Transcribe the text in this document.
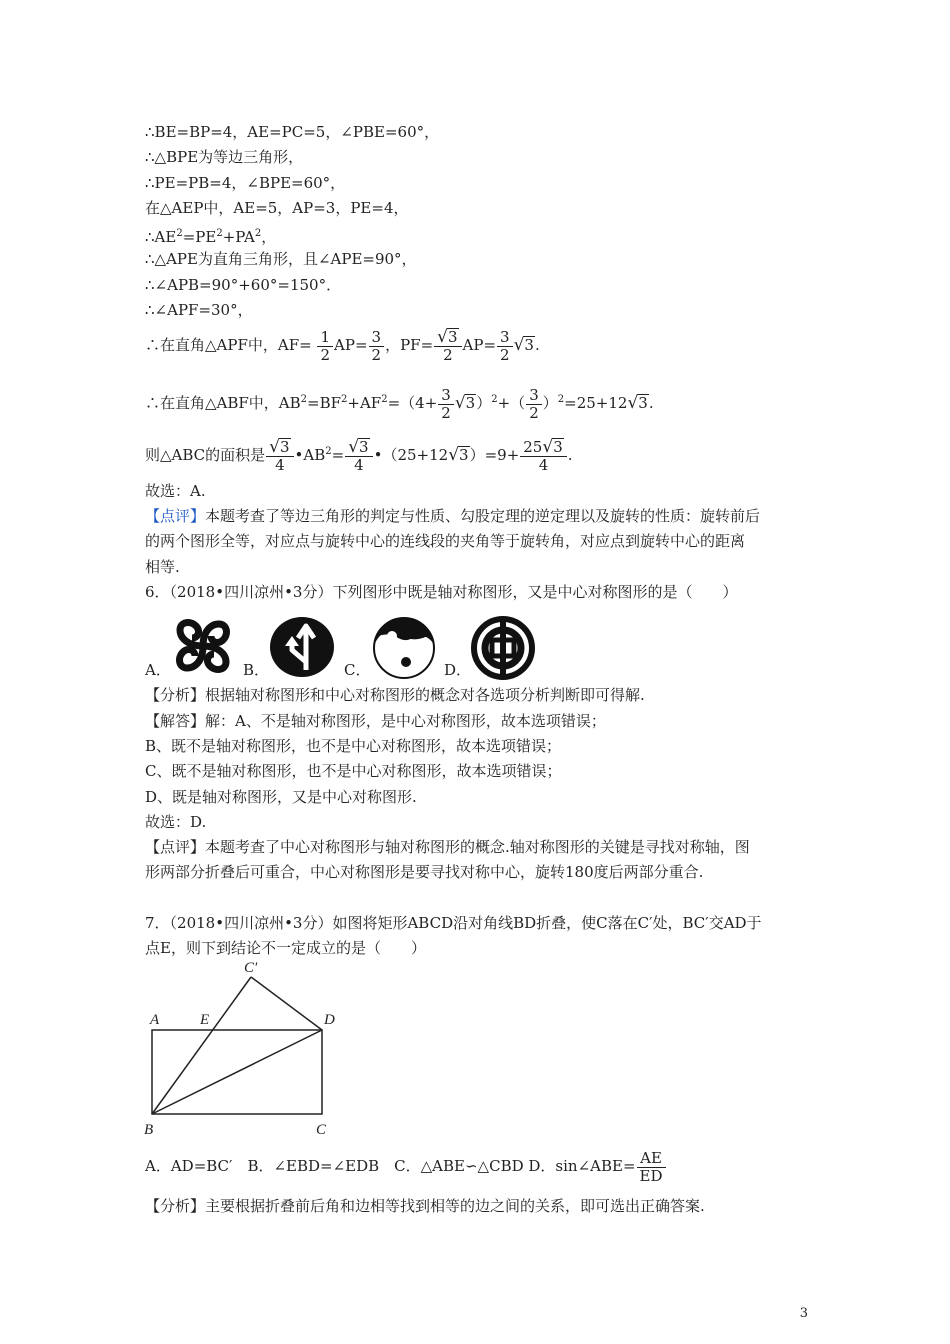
∴BE=BP=4，AE=PC=5，∠PBE=60°，
∴△BPE为等边三角形，
∴PE=PB=4，∠BPE=60°，
在△AEP中，AE=5，AP=3，PE=4，
$\therefore AE^2=PE^2+PA^2$，
∴△APE为直角三角形，且∠APE=90°，
∴∠APB=90°+60°=150°．
∴∠APF=30°，
∴在直角△APF中，$AF= \frac{1}{2} AP= \frac{3}{2}$ ，$PF= \frac{√3}{2} AP= \frac{3}{2} √3$.
∴在直角△ABF中，$AB^2=BF^2+AF^2=(4+ \frac{3}{2} √3)^2+( \frac{3}{2} )^2=25+12√3$.
则△ABC的面积是 $\frac{√3}{4}$ $•AB^2= \frac{√3}{4}$ •（25+12√3）=9+ $\frac{25√3}{4}$ .
故选：A.
【点评】本题考查了等边三角形的判定与性质、勾股定理的逆定理以及旋转的性质：旋转前后
的两个图形全等，对应点与旋转中心的连线段的夹角等于旋转角，对应点到旋转中心的距离
相等.
6．（2018•四川凉州•3分）下列图形中既是轴对称图形，又是中心对称图形的是（　　）
A．	B．	C．	D．
【分析】根据轴对称图形和中心对称图形的概念对各选项分析判断即可得解.
【解答】解：A、不是轴对称图形，是中心对称图形，故本选项错误；
B、既不是轴对称图形，也不是中心对称图形，故本选项错误；
C、既不是轴对称图形，也不是中心对称图形，故本选项错误；
D、既是轴对称图形，又是中心对称图形.
故选：D.
【点评】本题考查了中心对称图形与轴对称图形的概念.轴对称图形的关键是寻找对称轴，图
形两部分折叠后可重合，中心对称图形是要寻找对称中心，旋转180度后两部分重合.
7．（2018•四川凉州•3分）如图将矩形ABCD沿对角线BD折叠，使C落在C′处，BC′交AD于
点E，则下到结论不一定成立的是（　　）
A	E	D
C′
B	C
A．AD=BC′　B．∠EBD=∠EDB　C．△ABE∽△CBD D．sin∠ABE= $\frac{AE}{ED}$
【分析】主要根据折叠前后角和边相等找到相等的边之间的关系，即可选出正确答案.
3
